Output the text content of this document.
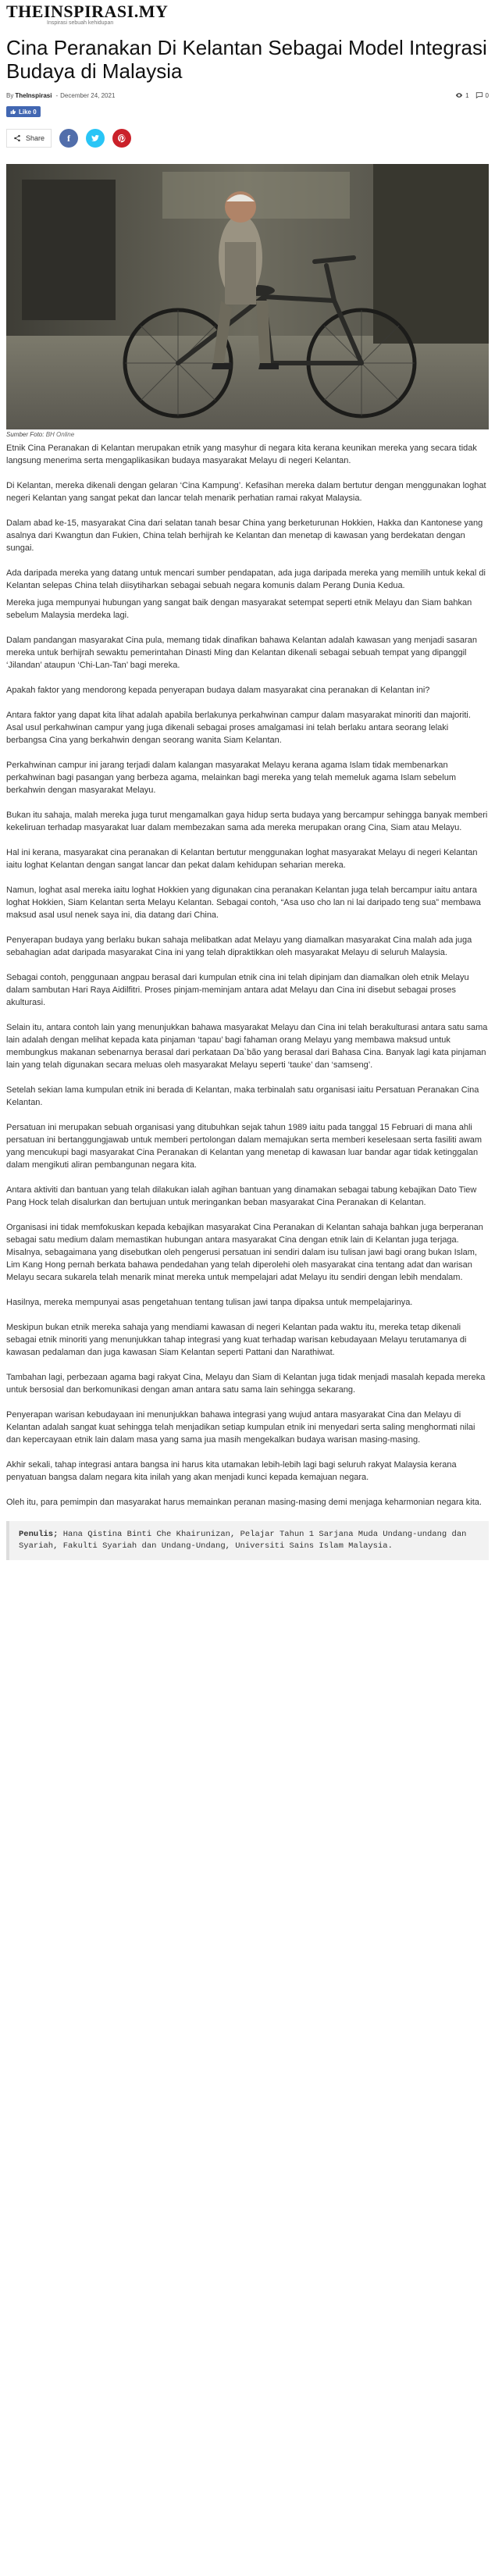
THEINSPIRASI.MY
Inspirasi sebuah kehidupan
Cina Peranakan Di Kelantan Sebagai Model Integrasi Budaya di Malaysia
By TheInspirasi - December 24, 2021	1	0
Like 0
Share f
Sumber Foto: BH Online

Etnik Cina Peranakan di Kelantan merupakan etnik yang masyhur di negara kita kerana keunikan mereka yang secara tidak langsung menerima serta mengaplikasikan budaya masyarakat Melayu di negeri Kelantan.

Di Kelantan, mereka dikenali dengan gelaran ‘Cina Kampung’. Kefasihan mereka dalam bertutur dengan menggunakan loghat negeri Kelantan yang sangat pekat dan lancar telah menarik perhatian ramai rakyat Malaysia.

Dalam abad ke-15, masyarakat Cina dari selatan tanah besar China yang berketurunan Hokkien, Hakka dan Kantonese yang asalnya dari Kwangtun dan Fukien, China telah berhijrah ke Kelantan dan menetap di kawasan yang berdekatan dengan sungai.

Ada daripada mereka yang datang untuk mencari sumber pendapatan, ada juga daripada mereka yang memilih untuk kekal di Kelantan selepas China telah diisytiharkan sebagai sebuah negara komunis dalam Perang Dunia Kedua.

Mereka juga mempunyai hubungan yang sangat baik dengan masyarakat setempat seperti etnik Melayu dan Siam bahkan sebelum Malaysia merdeka lagi.

Dalam pandangan masyarakat Cina pula, memang tidak dinafikan bahawa Kelantan adalah kawasan yang menjadi sasaran mereka untuk berhijrah sewaktu pemerintahan Dinasti Ming dan Kelantan dikenali sebagai sebuah tempat yang dipanggil ‘Jilandan’ ataupun ‘Chi-Lan-Tan’ bagi mereka.

Apakah faktor yang mendorong kepada penyerapan budaya dalam masyarakat cina peranakan di Kelantan ini?

Antara faktor yang dapat kita lihat adalah apabila berlakunya perkahwinan campur dalam masyarakat minoriti dan majoriti. Asal usul perkahwinan campur yang juga dikenali sebagai proses amalgamasi ini telah berlaku antara seorang lelaki berbangsa Cina yang berkahwin dengan seorang wanita Siam Kelantan.

Perkahwinan campur ini jarang terjadi dalam kalangan masyarakat Melayu kerana agama Islam tidak membenarkan perkahwinan bagi pasangan yang berbeza agama, melainkan bagi mereka yang telah memeluk agama Islam sebelum berkahwin dengan masyarakat Melayu.

Bukan itu sahaja, malah mereka juga turut mengamalkan gaya hidup serta budaya yang bercampur sehingga banyak memberi kekeliruan terhadap masyarakat luar dalam membezakan sama ada mereka merupakan orang Cina, Siam atau Melayu.

Hal ini kerana, masyarakat cina peranakan di Kelantan bertutur menggunakan loghat masyarakat Melayu di negeri Kelantan iaitu loghat Kelantan dengan sangat lancar dan pekat dalam kehidupan seharian mereka.

Namun, loghat asal mereka iaitu loghat Hokkien yang digunakan cina peranakan Kelantan juga telah bercampur iaitu antara loghat Hokkien, Siam Kelantan serta Melayu Kelantan. Sebagai contoh, “Asa uso cho lan ni lai daripado teng sua” membawa maksud asal usul nenek saya ini, dia datang dari China.

Penyerapan budaya yang berlaku bukan sahaja melibatkan adat Melayu yang diamalkan masyarakat Cina malah ada juga sebahagian adat daripada masyarakat Cina ini yang telah dipraktikkan oleh masyarakat Melayu di seluruh Malaysia.

Sebagai contoh, penggunaan angpau berasal dari kumpulan etnik cina ini telah dipinjam dan diamalkan oleh etnik Melayu dalam sambutan Hari Raya Aidilfitri. Proses pinjam-meminjam antara adat Melayu dan Cina ini disebut sebagai proses akulturasi.

Selain itu, antara contoh lain yang menunjukkan bahawa masyarakat Melayu dan Cina ini telah berakulturasi antara satu sama lain adalah dengan melihat kepada kata pinjaman ‘tapau’ bagi fahaman orang Melayu yang membawa maksud untuk membungkus makanan sebenarnya berasal dari perkataan Da`bão yang berasal dari Bahasa Cina. Banyak lagi kata pinjaman lain yang telah digunakan secara meluas oleh masyarakat Melayu seperti ‘tauke’ dan ‘samseng’.

Setelah sekian lama kumpulan etnik ini berada di Kelantan, maka terbinalah satu organisasi iaitu Persatuan Peranakan Cina Kelantan.

Persatuan ini merupakan sebuah organisasi yang ditubuhkan sejak tahun 1989 iaitu pada tanggal 15 Februari di mana ahli persatuan ini bertanggungjawab untuk memberi pertolongan dalam memajukan serta memberi keselesaan serta fasiliti awam yang mencukupi bagi masyarakat Cina Peranakan di Kelantan yang menetap di kawasan luar bandar agar tidak ketinggalan dalam mengikuti aliran pembangunan negara kita.

Antara aktiviti dan bantuan yang telah dilakukan ialah agihan bantuan yang dinamakan sebagai tabung kebajikan Dato Tiew Pang Hock telah disalurkan dan bertujuan untuk meringankan beban masyarakat Cina Peranakan di Kelantan.

Organisasi ini tidak memfokuskan kepada kebajikan masyarakat Cina Peranakan di Kelantan sahaja bahkan juga berperanan sebagai satu medium dalam memastikan hubungan antara masyarakat Cina dengan etnik lain di Kelantan juga terjaga. Misalnya, sebagaimana yang disebutkan oleh pengerusi persatuan ini sendiri dalam isu tulisan jawi bagi orang bukan Islam, Lim Kang Hong pernah berkata bahawa pendedahan yang telah diperolehi oleh masyarakat cina tentang adat dan warisan Melayu secara sukarela telah menarik minat mereka untuk mempelajari adat Melayu itu sendiri dengan lebih mendalam.

Hasilnya, mereka mempunyai asas pengetahuan tentang tulisan jawi tanpa dipaksa untuk mempelajarinya.

Meskipun bukan etnik mereka sahaja yang mendiami kawasan di negeri Kelantan pada waktu itu, mereka tetap dikenali sebagai etnik minoriti yang menunjukkan tahap integrasi yang kuat terhadap warisan kebudayaan Melayu terutamanya di kawasan pedalaman dan juga kawasan Siam Kelantan seperti Pattani dan Narathiwat.

Tambahan lagi, perbezaan agama bagi rakyat Cina, Melayu dan Siam di Kelantan juga tidak menjadi masalah kepada mereka untuk bersosial dan berkomunikasi dengan aman antara satu sama lain sehingga sekarang.

Penyerapan warisan kebudayaan ini menunjukkan bahawa integrasi yang wujud antara masyarakat Cina dan Melayu di Kelantan adalah sangat kuat sehingga telah menjadikan setiap kumpulan etnik ini menyedari serta saling menghormati nilai dan kepercayaan etnik lain dalam masa yang sama jua masih mengekalkan budaya warisan masing-masing.

Akhir sekali, tahap integrasi antara bangsa ini harus kita utamakan lebih-lebih lagi bagi seluruh rakyat Malaysia kerana penyatuan bangsa dalam negara kita inilah yang akan menjadi kunci kepada kemajuan negara.

Oleh itu, para pemimpin dan masyarakat harus memainkan peranan masing-masing demi menjaga keharmonian negara kita.

Penulis; Hana Qistina Binti Che Khairunizan, Pelajar Tahun 1 Sarjana Muda Undang-undang dan Syariah, Fakulti Syariah dan Undang-Undang, Universiti Sains Islam Malaysia.
